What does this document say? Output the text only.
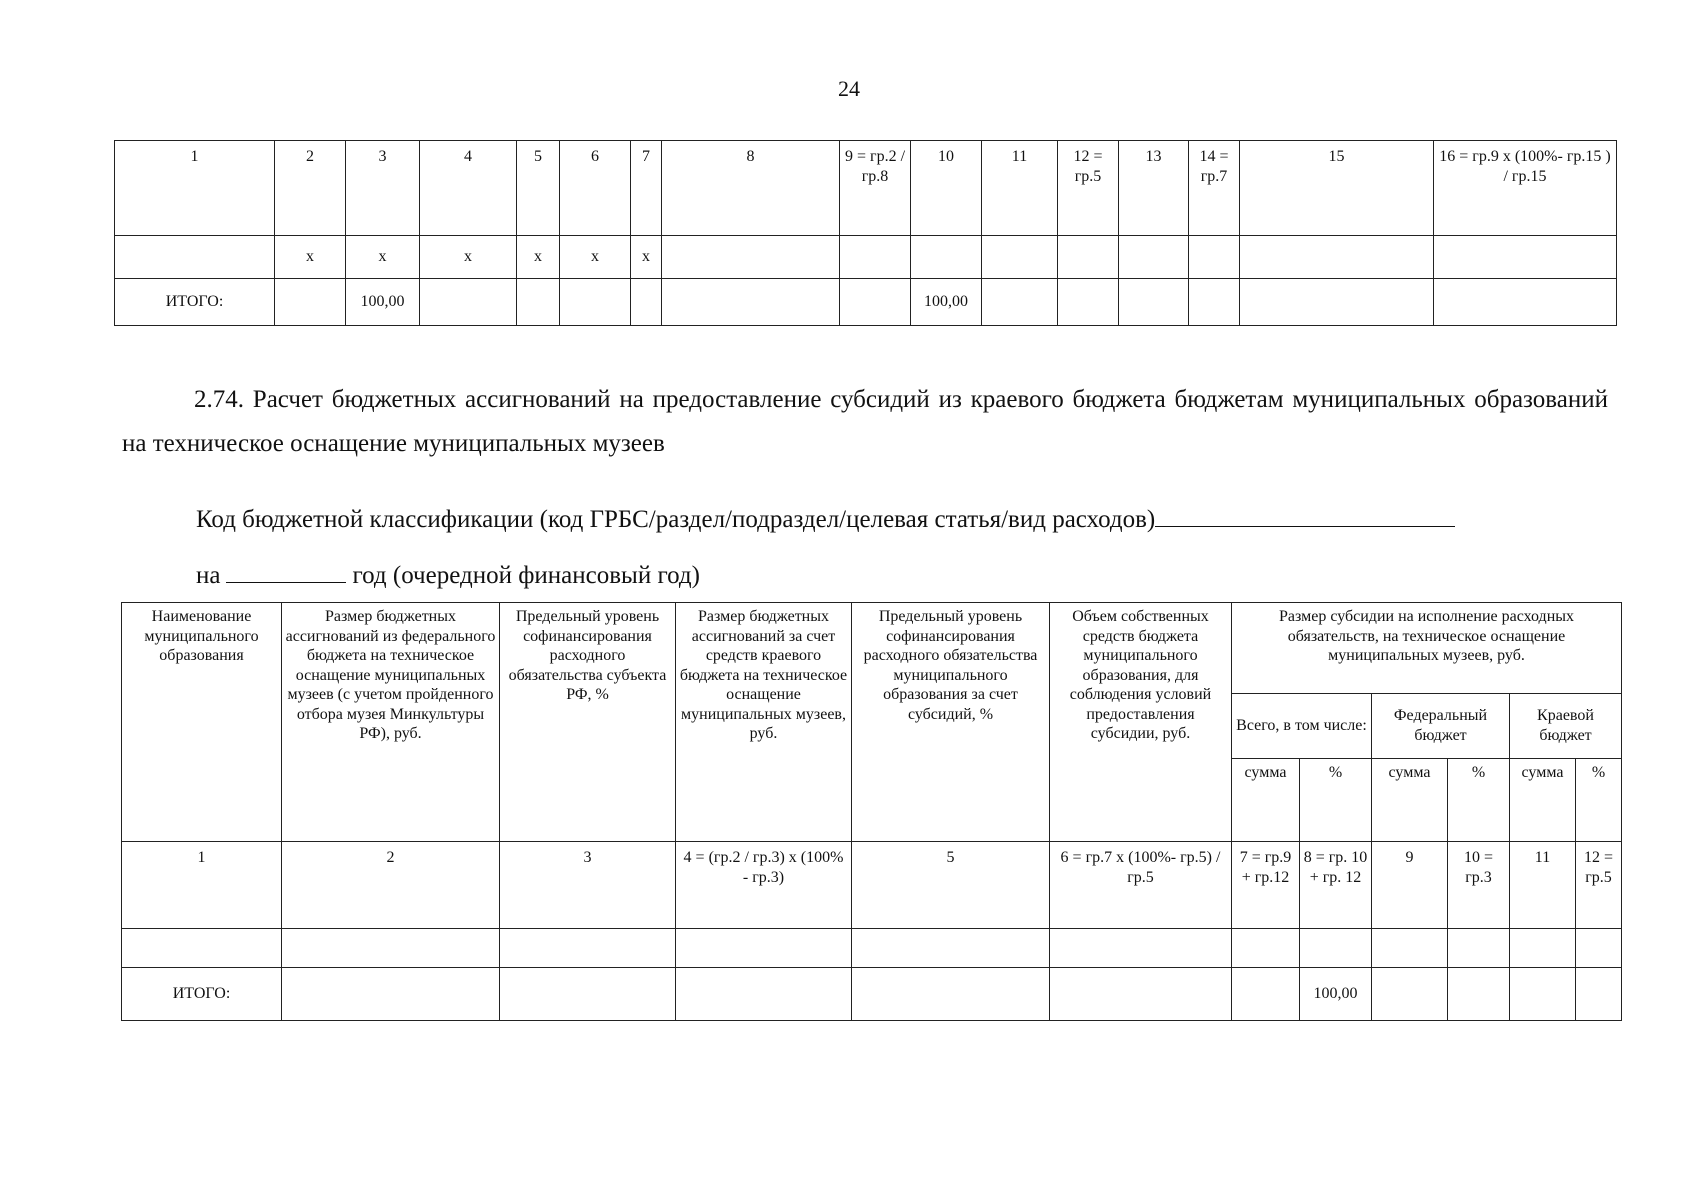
24
1	2	3	4	5	6	7	8	9 = гр.2 / гр.8	10	11	12 = гр.5	13	14 = гр.7	15	16 = гр.9 х (100%- гр.15 ) / гр.15
	х	х	х	х	х	х									
ИТОГО:		100,00							100,00						

2.74. Расчет бюджетных ассигнований на предоставление субсидий из краевого бюджета бюджетам муниципальных образований на техническое оснащение муниципальных музеев

Код бюджетной классификации (код ГРБС/раздел/подраздел/целевая статья/вид расходов)
на	год (очередной финансовый год)
Наименование муниципального образования	Размер бюджетных ассигнований из федерального бюджета на техническое оснащение муниципальных музеев (с учетом пройденного отбора музея Минкультуры РФ), руб.	Предельный уровень софинансирования расходного обязательства субъекта РФ, %	Размер бюджетных ассигнований за счет средств краевого бюджета на техническое оснащение муниципальных музеев, руб.	Предельный уровень софинансирования расходного обязательства муниципального образования за счет субсидий, %	Объем собственных средств бюджета муниципального образования, для соблюдения условий предоставления субсидии, руб.	Размер субсидии на исполнение расходных обязательств, на техническое оснащение муниципальных музеев, руб.					
						Всего, в том числе:		Федеральный бюджет		Краевой бюджет	
						сумма	%	сумма	%	сумма	%
1	2	3	4 = (гр.2 / гр.3) х (100% - гр.3)	5	6 = гр.7 х (100%- гр.5) / гр.5	7 = гр.9 + гр.12	8 = гр. 10 + гр. 12	9	10 = гр.3	11	12 = гр.5

ИТОГО:							100,00				
